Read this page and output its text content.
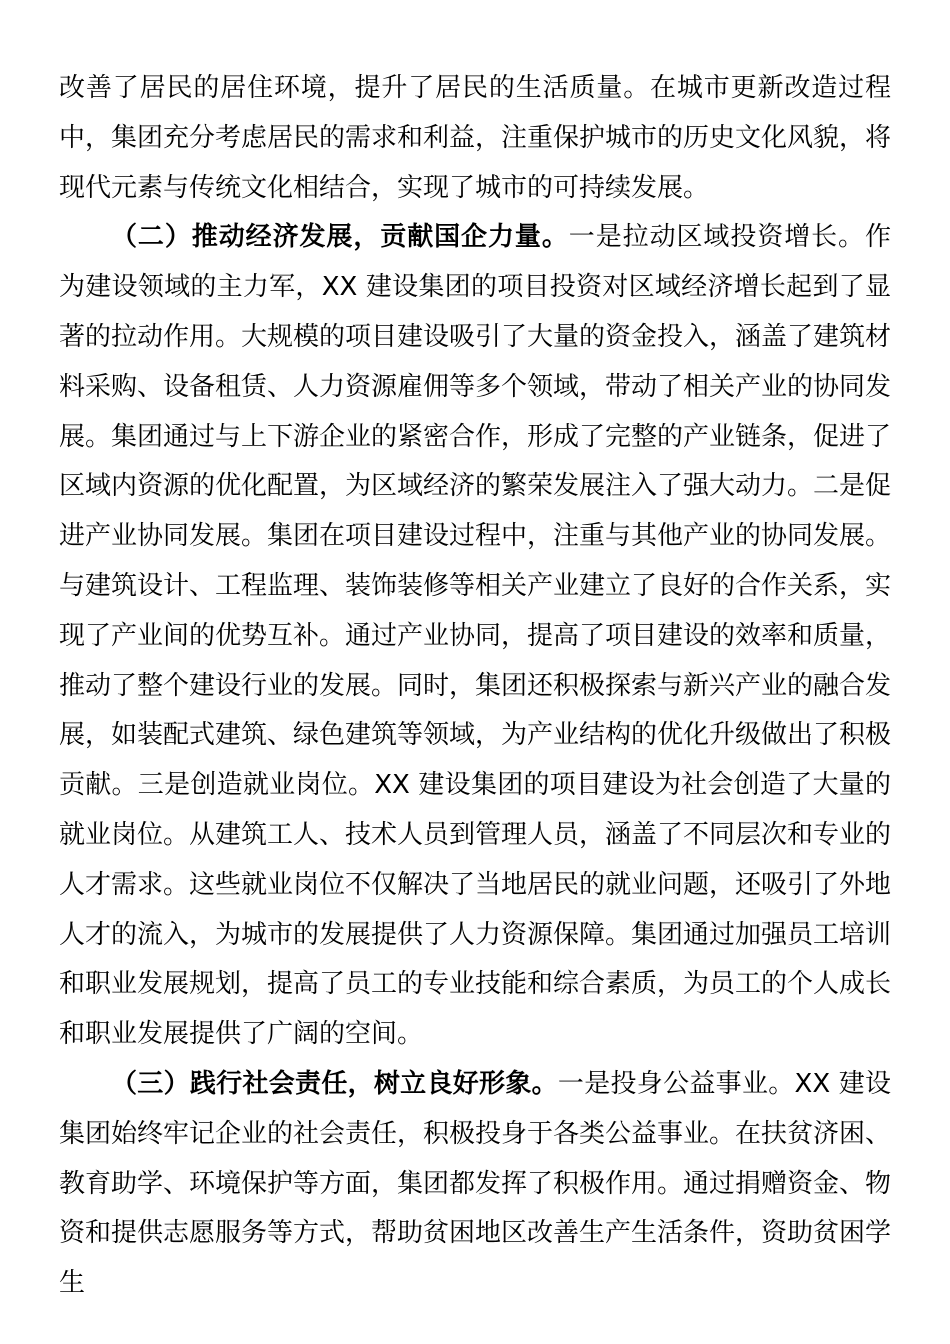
改善了居民的居住环境，提升了居民的生活质量。在城市更新改造过程中，集团充分考虑居民的需求和利益，注重保护城市的历史文化风貌，将现代元素与传统文化相结合，实现了城市的可持续发展。

（二）推动经济发展，贡献国企力量。一是拉动区域投资增长。作为建设领域的主力军，XX 建设集团的项目投资对区域经济增长起到了显著的拉动作用。大规模的项目建设吸引了大量的资金投入，涵盖了建筑材料采购、设备租赁、人力资源雇佣等多个领域，带动了相关产业的协同发展。集团通过与上下游企业的紧密合作，形成了完整的产业链条，促进了区域内资源的优化配置，为区域经济的繁荣发展注入了强大动力。二是促进产业协同发展。集团在项目建设过程中，注重与其他产业的协同发展。与建筑设计、工程监理、装饰装修等相关产业建立了良好的合作关系，实现了产业间的优势互补。通过产业协同，提高了项目建设的效率和质量，推动了整个建设行业的发展。同时，集团还积极探索与新兴产业的融合发展，如装配式建筑、绿色建筑等领域，为产业结构的优化升级做出了积极贡献。三是创造就业岗位。XX 建设集团的项目建设为社会创造了大量的就业岗位。从建筑工人、技术人员到管理人员，涵盖了不同层次和专业的人才需求。这些就业岗位不仅解决了当地居民的就业问题，还吸引了外地人才的流入，为城市的发展提供了人力资源保障。集团通过加强员工培训和职业发展规划，提高了员工的专业技能和综合素质，为员工的个人成长和职业发展提供了广阔的空间。

（三）践行社会责任，树立良好形象。一是投身公益事业。XX 建设集团始终牢记企业的社会责任，积极投身于各类公益事业。在扶贫济困、教育助学、环境保护等方面，集团都发挥了积极作用。通过捐赠资金、物资和提供志愿服务等方式，帮助贫困地区改善生产生活条件，资助贫困学生
